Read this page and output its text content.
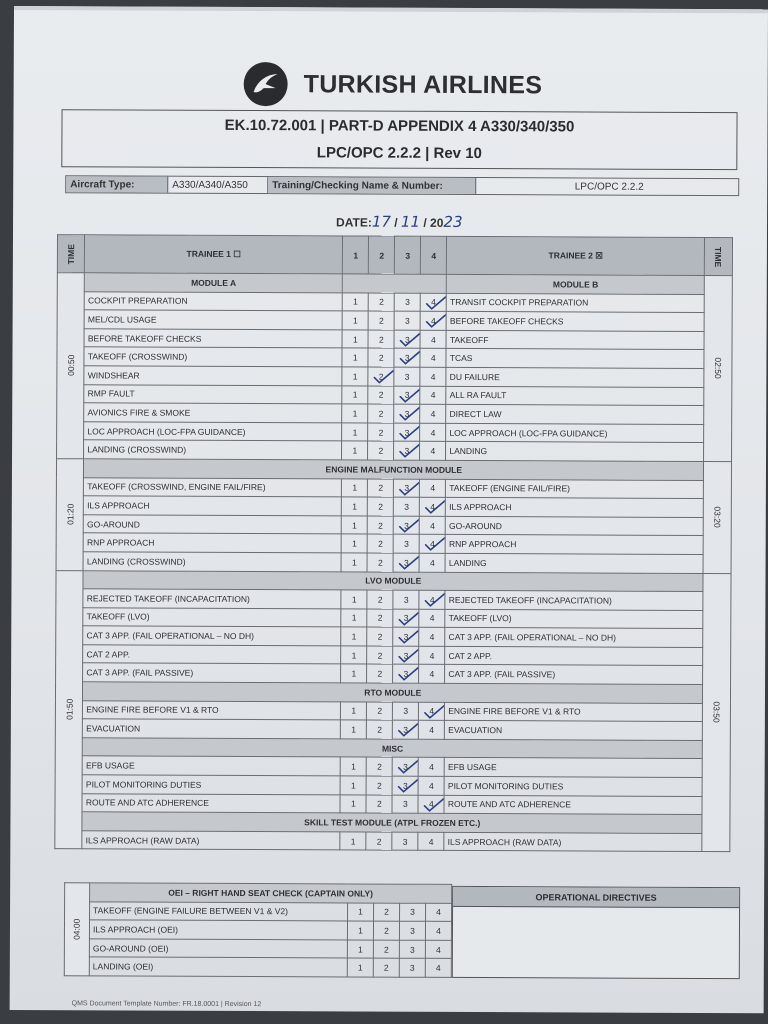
TURKISH AIRLINES
EK.10.72.001 | PART-D APPENDIX 4 A330/340/350
LPC/OPC 2.2.2 | Rev 10
Aircraft Type:	A330/A340/A350	Training/Checking Name & Number:	LPC/OPC 2.2.2
DATE:17 / 11 / 2023
TIME	TRAINEE 1 ☐	1	2	3	4	TRAINEE 2 ☒	TIME
00:50	MODULE A					MODULE B	02:50
	COCKPIT PREPARATION	1	2	3	4	TRANSIT COCKPIT PREPARATION	
	MEL/CDL USAGE	1	2	3	4	BEFORE TAKEOFF CHECKS	
	BEFORE TAKEOFF CHECKS	1	2	3	4	TAKEOFF	
	TAKEOFF (CROSSWIND)	1	2	3	4	TCAS	
	WINDSHEAR	1	2	3	4	DU FAILURE	
	RMP FAULT	1	2	3	4	ALL RA FAULT	
	AVIONICS FIRE & SMOKE	1	2	3	4	DIRECT LAW	
	LOC APPROACH (LOC-FPA GUIDANCE)	1	2	3	4	LOC APPROACH (LOC-FPA GUIDANCE)	
	LANDING (CROSSWIND)	1	2	3	4	LANDING	
01:20	ENGINE MALFUNCTION MODULE						03:20
	TAKEOFF (CROSSWIND, ENGINE FAIL/FIRE)	1	2	3	4	TAKEOFF (ENGINE FAIL/FIRE)	
	ILS APPROACH	1	2	3	4	ILS APPROACH	
	GO-AROUND	1	2	3	4	GO-AROUND	
	RNP APPROACH	1	2	3	4	RNP APPROACH	
	LANDING (CROSSWIND)	1	2	3	4	LANDING	
01:50	LVO MODULE						03:50
	REJECTED TAKEOFF (INCAPACITATION)	1	2	3	4	REJECTED TAKEOFF (INCAPACITATION)	
	TAKEOFF (LVO)	1	2	3	4	TAKEOFF (LVO)	
	CAT 3 APP. (FAIL OPERATIONAL – NO DH)	1	2	3	4	CAT 3 APP. (FAIL OPERATIONAL – NO DH)	
	CAT 2 APP.	1	2	3	4	CAT 2 APP.	
	CAT 3 APP. (FAIL PASSIVE)	1	2	3	4	CAT 3 APP. (FAIL PASSIVE)	
	RTO MODULE						
	ENGINE FIRE BEFORE V1 & RTO	1	2	3	4	ENGINE FIRE BEFORE V1 & RTO	
	EVACUATION	1	2	3	4	EVACUATION	
	MISC						
	EFB USAGE	1	2	3	4	EFB USAGE	
	PILOT MONITORING DUTIES	1	2	3	4	PILOT MONITORING DUTIES	
	ROUTE AND ATC ADHERENCE	1	2	3	4	ROUTE AND ATC ADHERENCE	
	SKILL TEST MODULE (ATPL FROZEN ETC.)						
	ILS APPROACH (RAW DATA)	1	2	3	4	ILS APPROACH (RAW DATA)	
04:00	OEI – RIGHT HAND SEAT CHECK (CAPTAIN ONLY)				
	TAKEOFF (ENGINE FAILURE BETWEEN V1 & V2)	1	2	3	4
	ILS APPROACH (OEI)	1	2	3	4
	GO-AROUND (OEI)	1	2	3	4
	LANDING (OEI)	1	2	3	4
OPERATIONAL DIRECTIVES
QMS Document Template Number: FR.18.0001 | Revision 12
